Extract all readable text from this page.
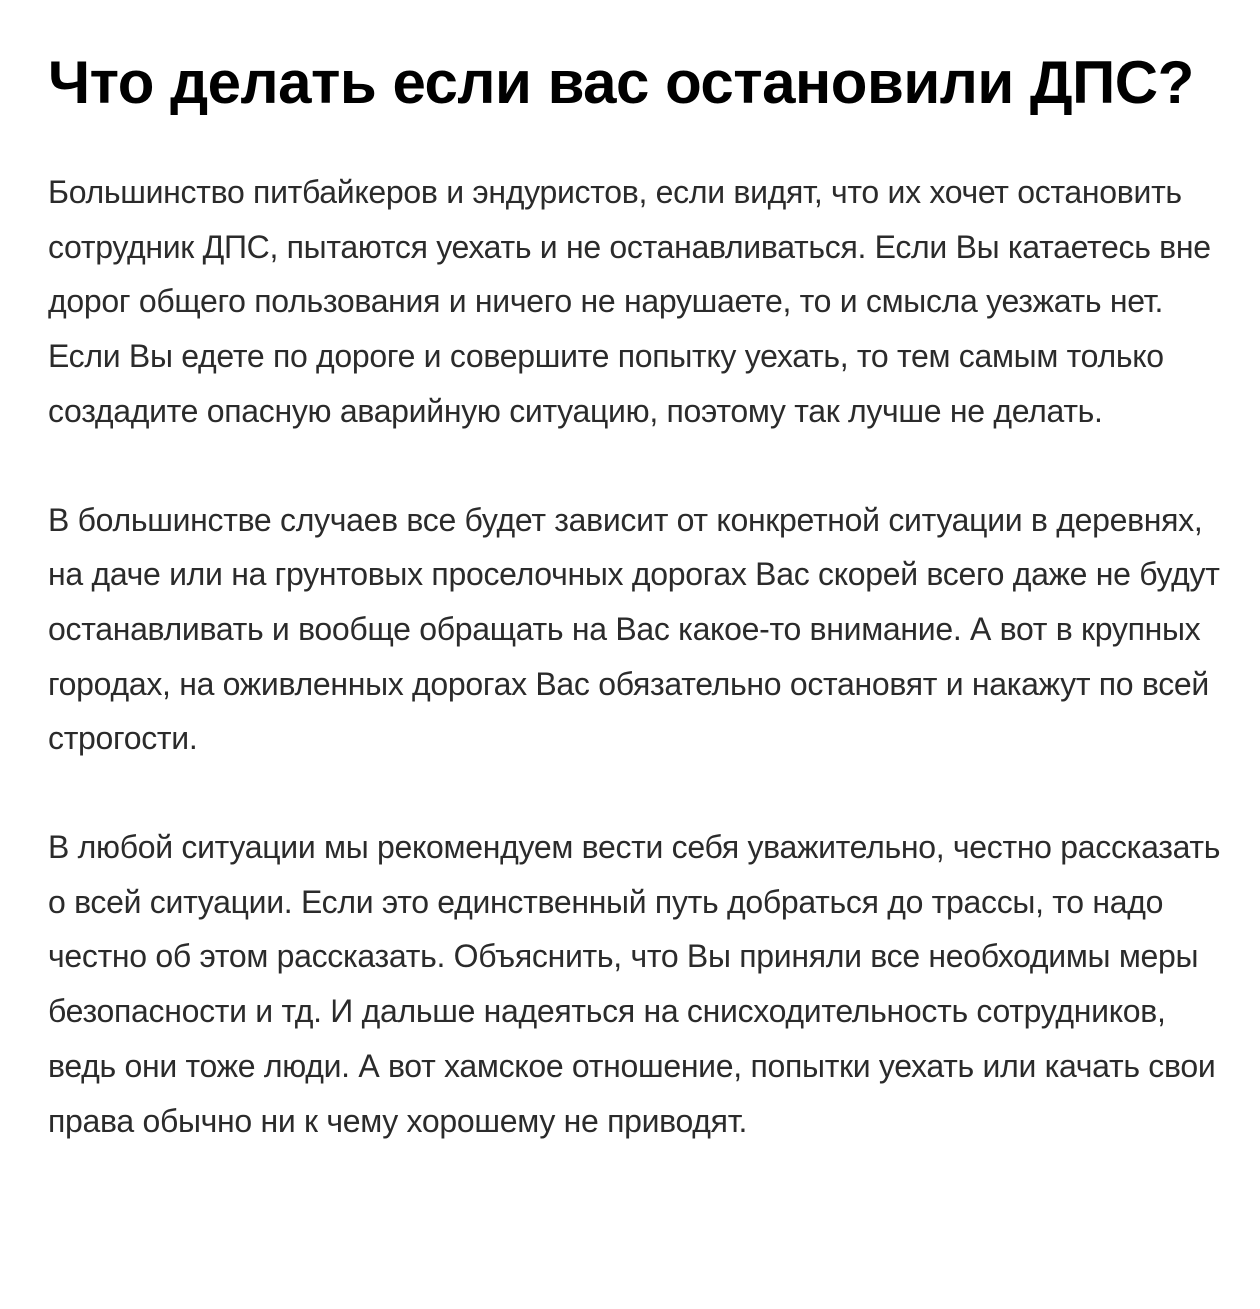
Что делать если вас остановили ДПС?

Большинство питбайкеров и эндуристов, если видят, что их хочет остановить сотрудник ДПС, пытаются уехать и не останавливаться. Если Вы катаетесь вне дорог общего пользования и ничего не нарушаете, то и смысла уезжать нет. Если Вы едете по дороге и совершите попытку уехать, то тем самым только создадите опасную аварийную ситуацию, поэтому так лучше не делать.

В большинстве случаев все будет зависит от конкретной ситуации в деревнях, на даче или на грунтовых проселочных дорогах Вас скорей всего даже не будут останавливать и вообще обращать на Вас какое-то внимание. А вот в крупных городах, на оживленных дорогах Вас обязательно остановят и накажут по всей строгости.

В любой ситуации мы рекомендуем вести себя уважительно, честно рассказать о всей ситуации. Если это единственный путь добраться до трассы, то надо честно об этом рассказать. Объяснить, что Вы приняли все необходимы меры безопасности и тд. И дальше надеяться на снисходительность сотрудников, ведь они тоже люди. А вот хамское отношение, попытки уехать или качать свои права обычно ни к чему хорошему не приводят.
